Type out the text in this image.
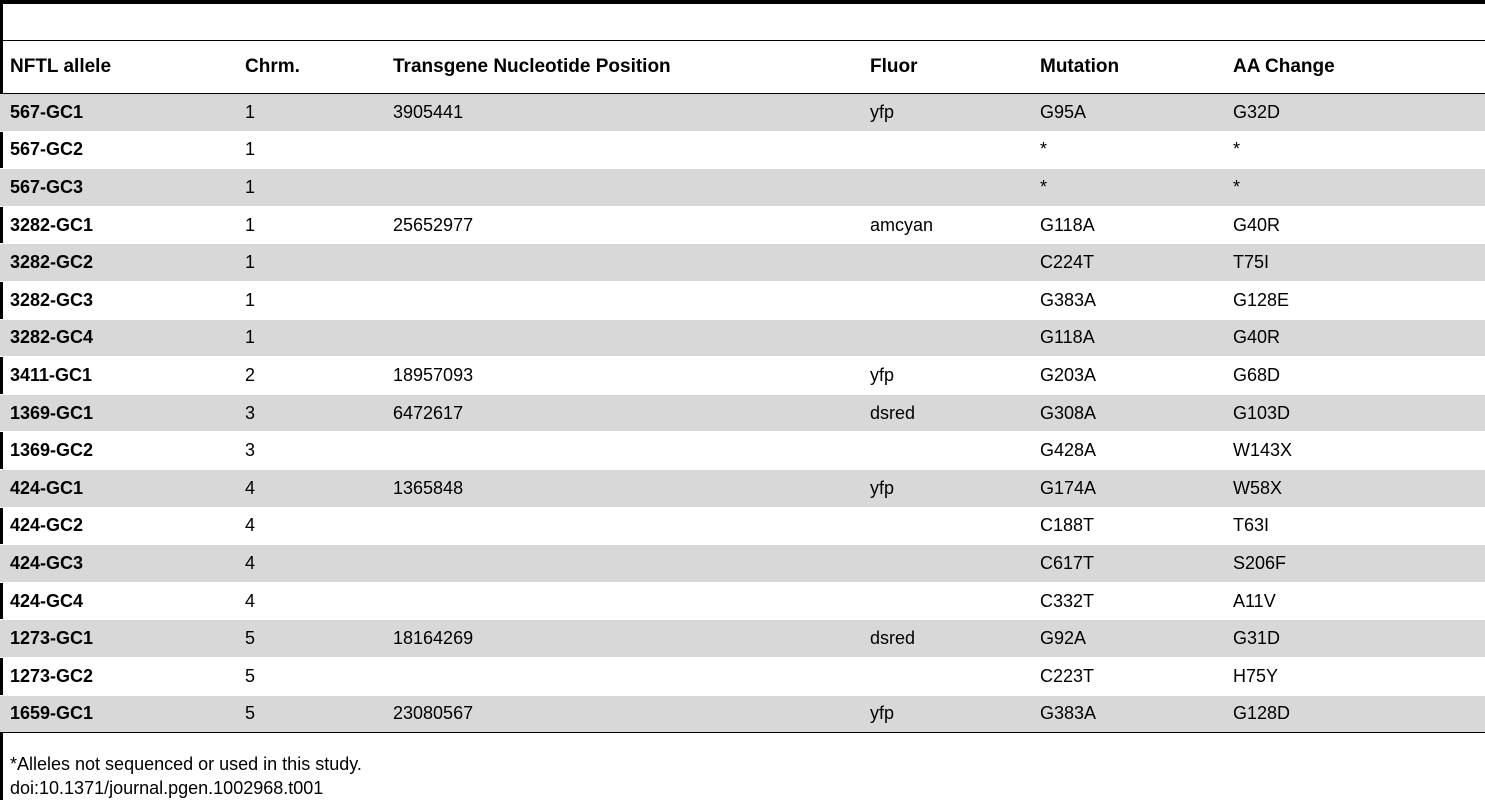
NFTL allele	Chrm.	Transgene Nucleotide Position	Fluor	Mutation	AA Change
567-GC1	1	3905441	yfp	G95A	G32D
567-GC2	1			*	*
567-GC3	1			*	*
3282-GC1	1	25652977	amcyan	G118A	G40R
3282-GC2	1			C224T	T75I
3282-GC3	1			G383A	G128E
3282-GC4	1			G118A	G40R
3411-GC1	2	18957093	yfp	G203A	G68D
1369-GC1	3	6472617	dsred	G308A	G103D
1369-GC2	3			G428A	W143X
424-GC1	4	1365848	yfp	G174A	W58X
424-GC2	4			C188T	T63I
424-GC3	4			C617T	S206F
424-GC4	4			C332T	A11V
1273-GC1	5	18164269	dsred	G92A	G31D
1273-GC2	5			C223T	H75Y
1659-GC1	5	23080567	yfp	G383A	G128D
*Alleles not sequenced or used in this study.
doi:10.1371/journal.pgen.1002968.t001
